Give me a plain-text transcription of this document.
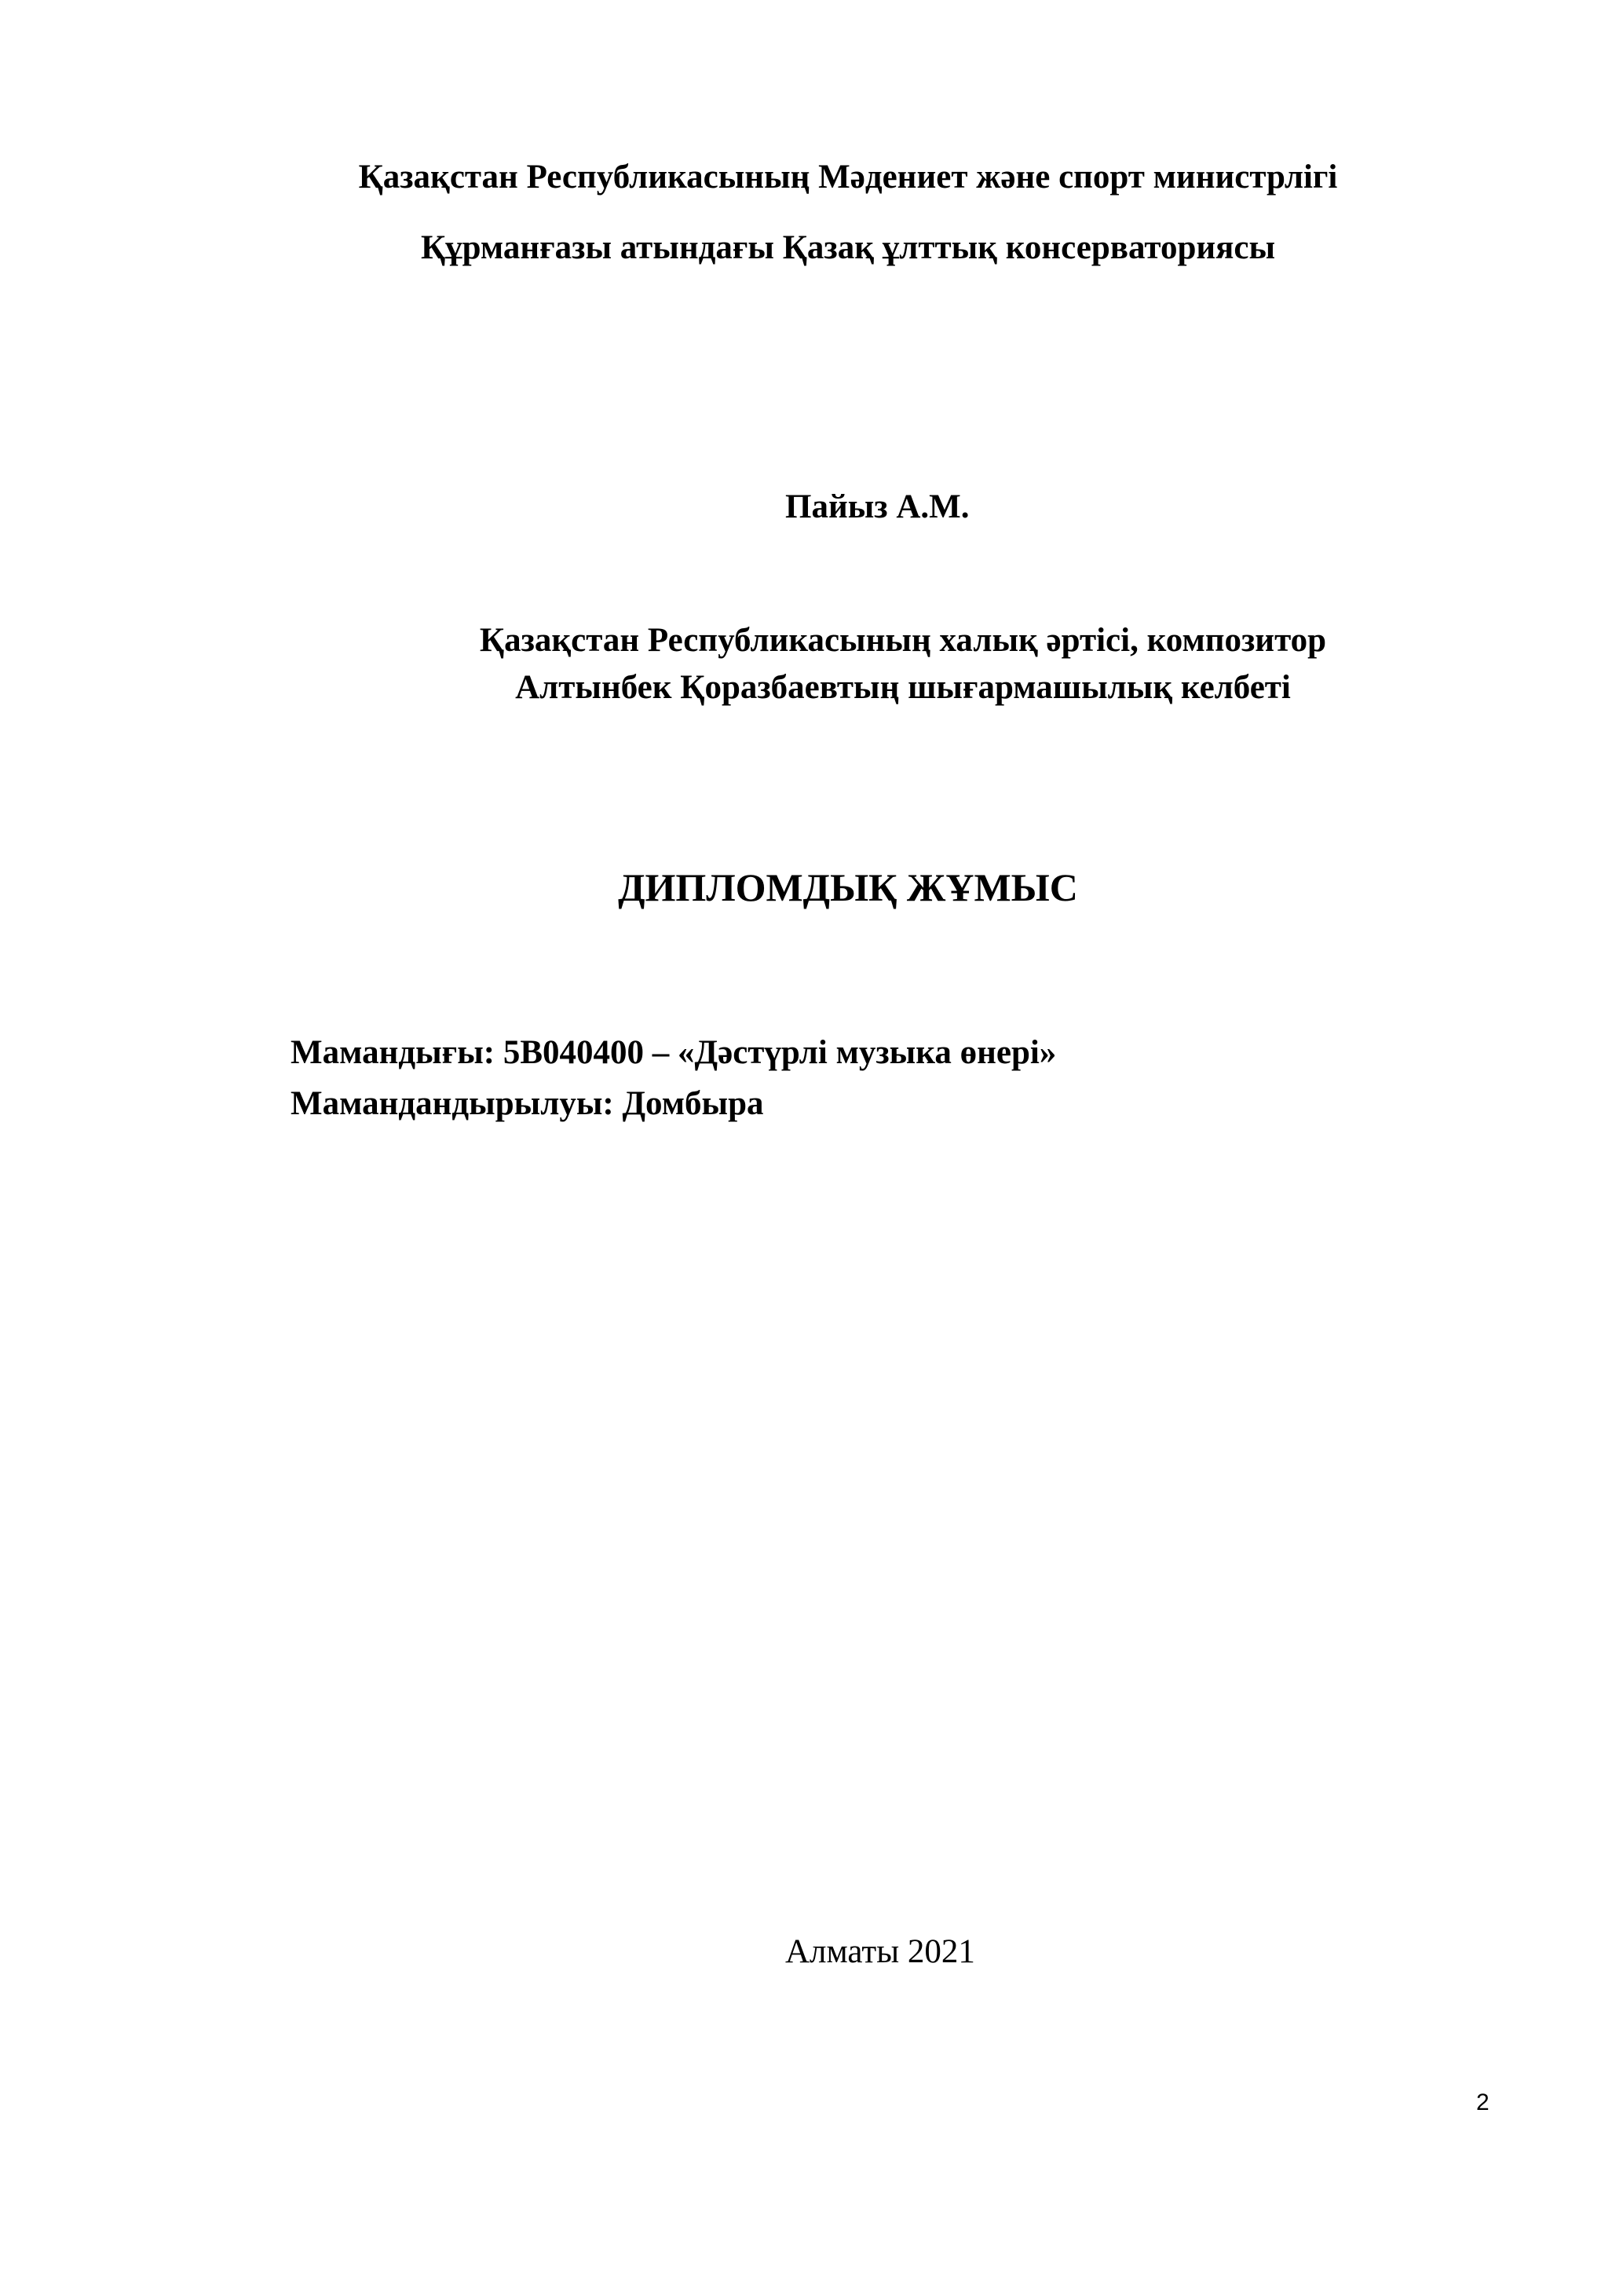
Қазақстан Республикасының Мәдениет және спорт министрлігі
Құрманғазы атындағы Қазақ ұлттық консерваториясы
Пайыз А.М.
Қазақстан Республикасының халық әртісі, композитор
Алтынбек Қоразбаевтың шығармашылық келбеті
ДИПЛОМДЫҚ ЖҰМЫС
Мамандығы: 5В040400 – «Дәстүрлі музыка өнері»
Мамандандырылуы: Домбыра
Алматы 2021
2
